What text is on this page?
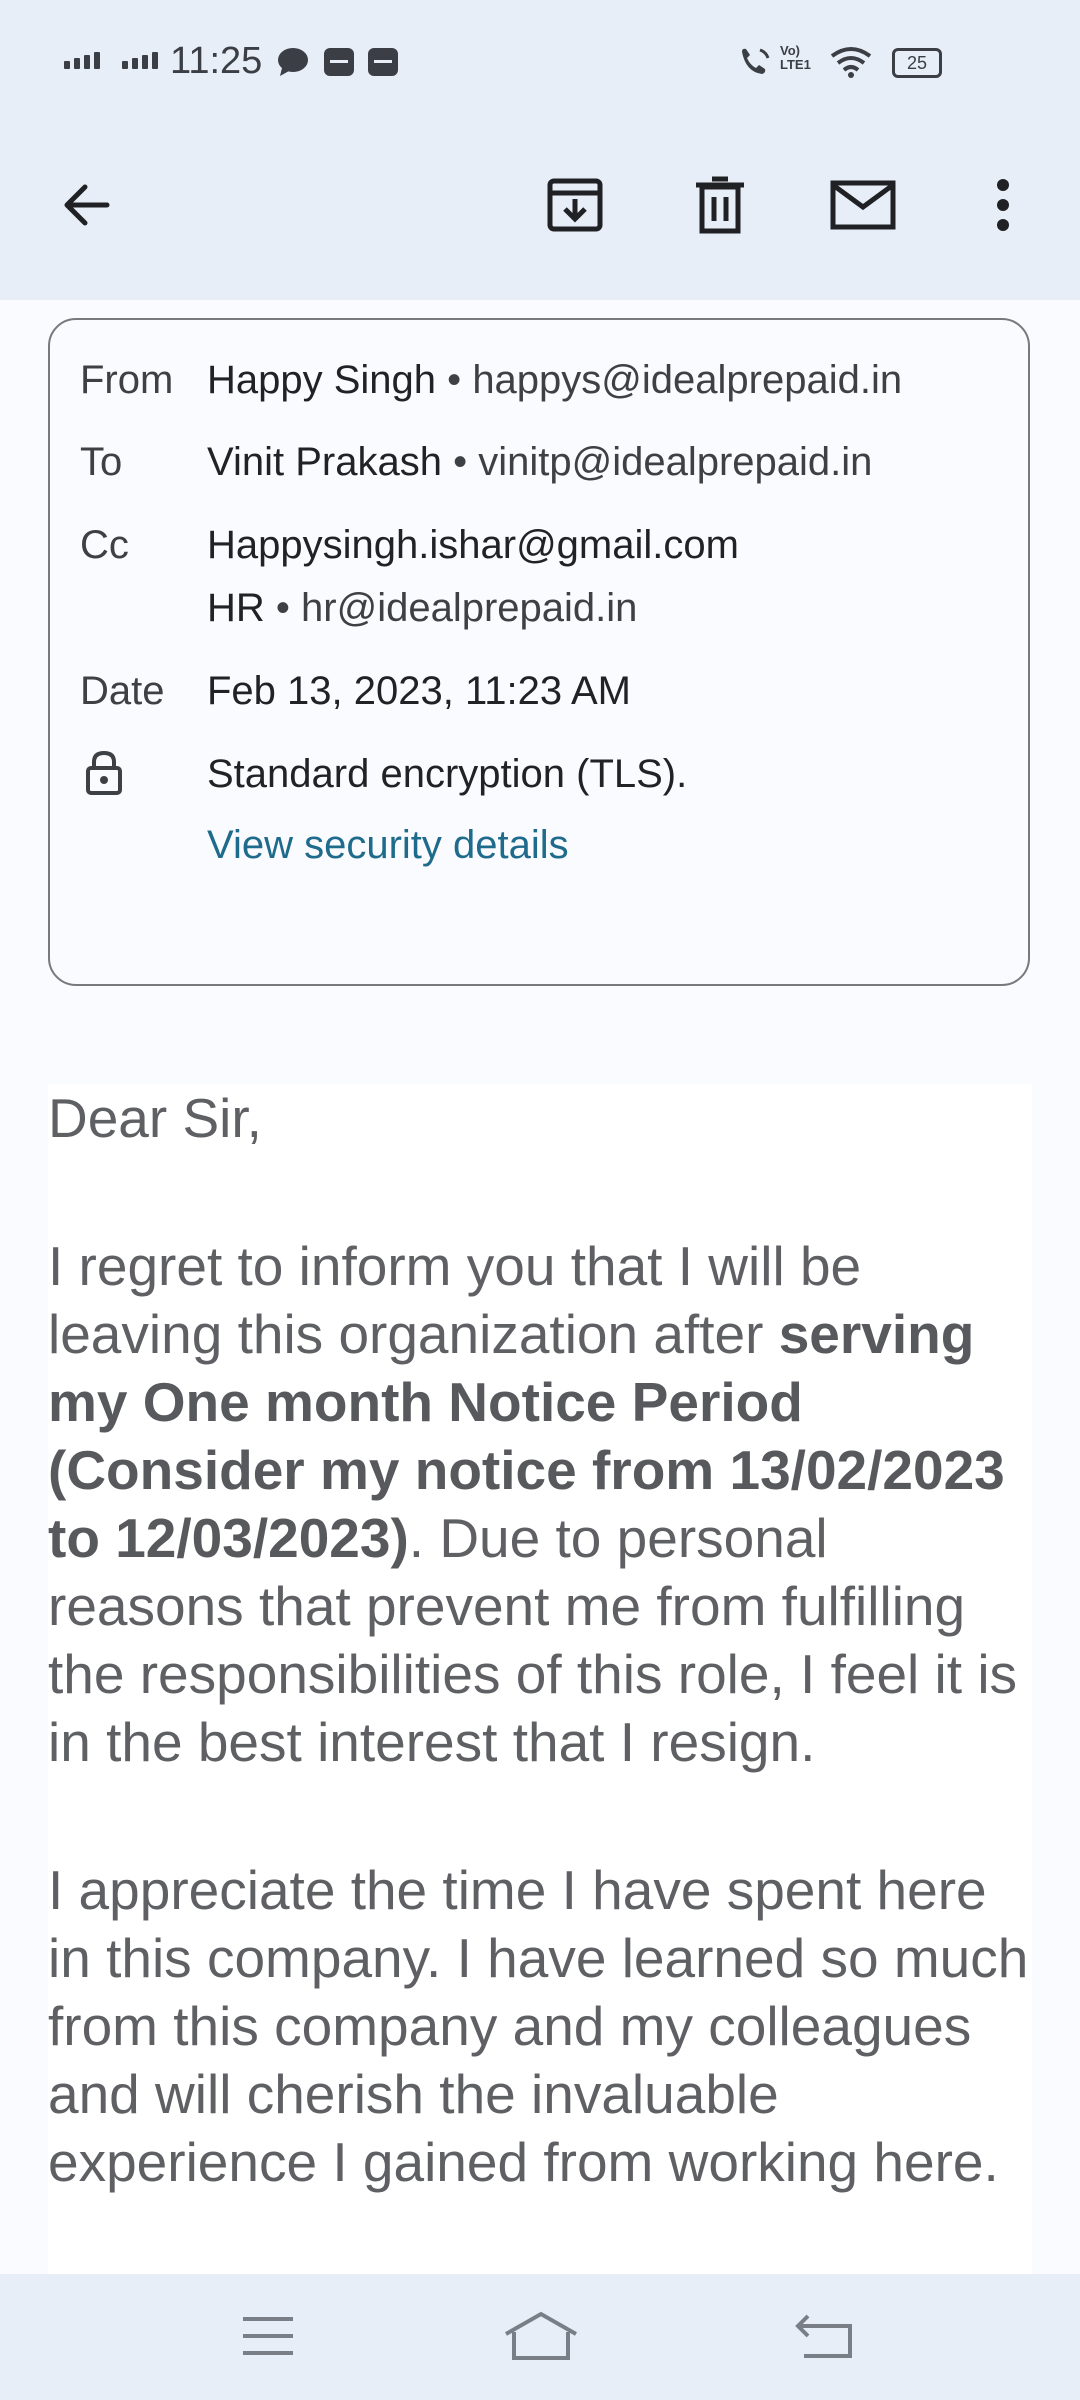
11:25	Vo)
LTE1	25
From Happy Singh • happys@idealprepaid.in
To Vinit Prakash • vinitp@idealprepaid.in
Cc Happysingh.ishar@gmail.com
HR • hr@idealprepaid.in
Date Feb 13, 2023, 11:23 AM
Standard encryption (TLS).
View security details

Dear Sir,

I regret to inform you that I will be leaving this organization after serving my One month Notice Period (Consider my notice from 13/02/2023 to 12/03/2023). Due to personal reasons that prevent me from fulfilling the responsibilities of this role, I feel it is in the best interest that I resign.

I appreciate the time I have spent here in this company. I have learned so much from this company and my colleagues and will cherish the invaluable experience I gained from working here.
